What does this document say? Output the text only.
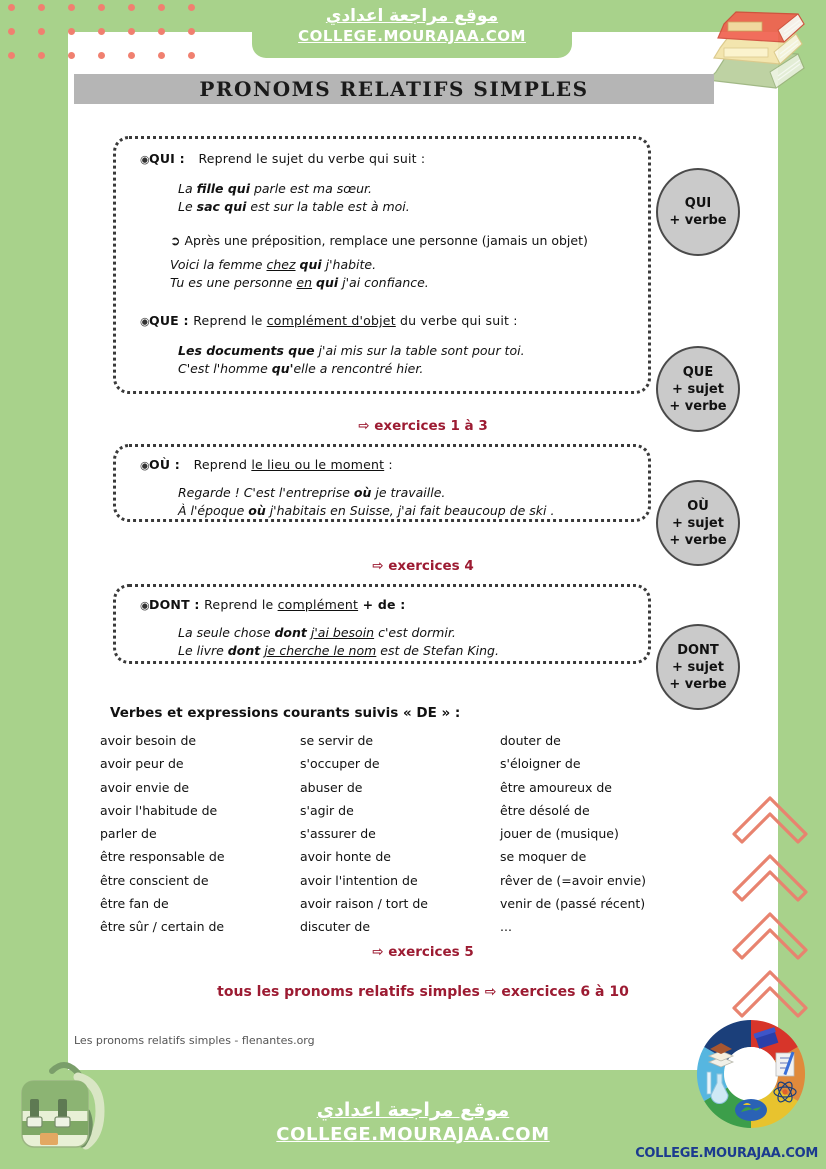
موقع مراجعة اعدادي
COLLEGE.MOURAJAA.COM
موقع مراجعة اعدادي
COLLEGE.MOURAJAA.COM
COLLEGE.MOURAJAA.COM
PRONOMS RELATIFS SIMPLES
◉QUI : Reprend le sujet du verbe qui suit :
La fille qui parle est ma sœur.
Le sac qui est sur la table est à moi.
➲ Après une préposition, remplace une personne (jamais un objet)
Voici la femme chez qui j'habite.
Tu es une personne en qui j'ai confiance.
◉QUE : Reprend le complément d'objet du verbe qui suit :
Les documents que j'ai mis sur la table sont pour toi.
C'est l'homme qu'elle a rencontré hier.
⇨ exercices 1 à 3
◉OÙ : Reprend le lieu ou le moment :
Regarde ! C'est l'entreprise où je travaille.
À l'époque où j'habitais en Suisse, j'ai fait beaucoup de ski .
⇨ exercices 4
◉DONT : Reprend le complément + de :
La seule chose dont j'ai besoin c'est dormir.
Le livre dont je cherche le nom est de Stefan King.
QUI
+ verbe
QUE
+ sujet
+ verbe
OÙ
+ sujet
+ verbe
DONT
+ sujet
+ verbe
Verbes et expressions courants suivis « DE » :
avoir besoin de
avoir peur de
avoir envie de
avoir l'habitude de
parler de
être responsable de
être conscient de
être fan de
être sûr / certain de
se servir de
s'occuper de
abuser de
s'agir de
s'assurer de
avoir honte de
avoir l'intention de
avoir raison / tort de
discuter de
douter de
s'éloigner de
être amoureux de
être désolé de
jouer de (musique)
se moquer de
rêver de (=avoir envie)
venir de (passé récent)
...
⇨ exercices 5
tous les pronoms relatifs simples ⇨ exercices 6 à 10
Les pronoms relatifs simples - flenantes.org
